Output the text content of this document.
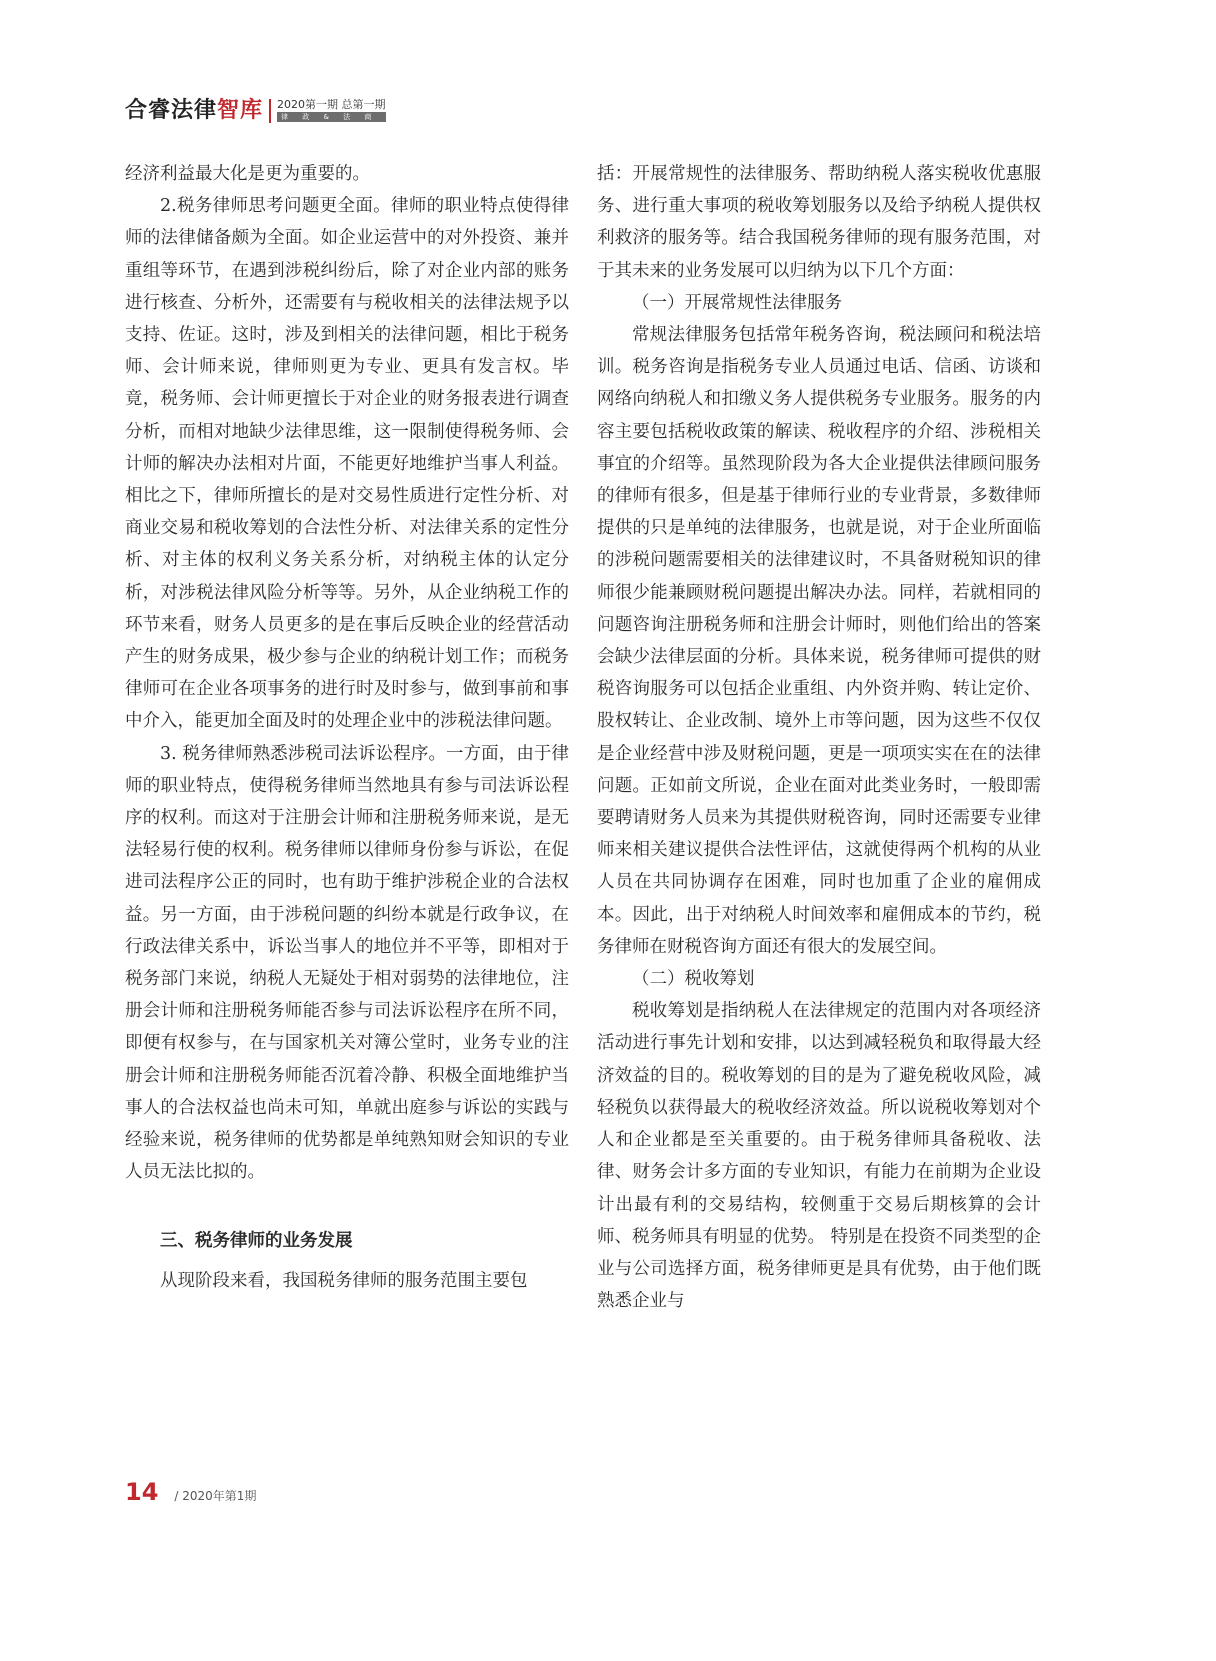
合睿法律智库 2020第一期 总第一期
律 政 & 法 商

经济利益最大化是更为重要的。

2.税务律师思考问题更全面。律师的职业特点使得律师的法律储备颇为全面。如企业运营中的对外投资、兼并重组等环节，在遇到涉税纠纷后，除了对企业内部的账务进行核查、分析外，还需要有与税收相关的法律法规予以支持、佐证。这时，涉及到相关的法律问题，相比于税务师、会计师来说，律师则更为专业、更具有发言权。毕竟，税务师、会计师更擅长于对企业的财务报表进行调查分析，而相对地缺少法律思维，这一限制使得税务师、会计师的解决办法相对片面，不能更好地维护当事人利益。相比之下，律师所擅长的是对交易性质进行定性分析、对商业交易和税收筹划的合法性分析、对法律关系的定性分析、对主体的权利义务关系分析，对纳税主体的认定分析，对涉税法律风险分析等等。另外，从企业纳税工作的环节来看，财务人员更多的是在事后反映企业的经营活动产生的财务成果，极少参与企业的纳税计划工作；而税务律师可在企业各项事务的进行时及时参与，做到事前和事中介入，能更加全面及时的处理企业中的涉税法律问题。

3. 税务律师熟悉涉税司法诉讼程序。一方面，由于律师的职业特点，使得税务律师当然地具有参与司法诉讼程序的权利。而这对于注册会计师和注册税务师来说，是无法轻易行使的权利。税务律师以律师身份参与诉讼，在促进司法程序公正的同时，也有助于维护涉税企业的合法权益。另一方面，由于涉税问题的纠纷本就是行政争议，在行政法律关系中，诉讼当事人的地位并不平等，即相对于税务部门来说，纳税人无疑处于相对弱势的法律地位，注册会计师和注册税务师能否参与司法诉讼程序在所不同，即便有权参与，在与国家机关对簿公堂时，业务专业的注册会计师和注册税务师能否沉着冷静、积极全面地维护当事人的合法权益也尚未可知，单就出庭参与诉讼的实践与经验来说，税务律师的优势都是单纯熟知财会知识的专业人员无法比拟的。

三、税务律师的业务发展

从现阶段来看，我国税务律师的服务范围主要包

括：开展常规性的法律服务、帮助纳税人落实税收优惠服务、进行重大事项的税收筹划服务以及给予纳税人提供权利救济的服务等。结合我国税务律师的现有服务范围，对于其未来的业务发展可以归纳为以下几个方面：

（一）开展常规性法律服务

常规法律服务包括常年税务咨询，税法顾问和税法培训。税务咨询是指税务专业人员通过电话、信函、访谈和网络向纳税人和扣缴义务人提供税务专业服务。服务的内容主要包括税收政策的解读、税收程序的介绍、涉税相关事宜的介绍等。虽然现阶段为各大企业提供法律顾问服务的律师有很多，但是基于律师行业的专业背景，多数律师提供的只是单纯的法律服务，也就是说，对于企业所面临的涉税问题需要相关的法律建议时，不具备财税知识的律师很少能兼顾财税问题提出解决办法。同样，若就相同的问题咨询注册税务师和注册会计师时，则他们给出的答案会缺少法律层面的分析。具体来说，税务律师可提供的财税咨询服务可以包括企业重组、内外资并购、转让定价、股权转让、企业改制、境外上市等问题，因为这些不仅仅是企业经营中涉及财税问题，更是一项项实实在在的法律问题。正如前文所说，企业在面对此类业务时，一般即需要聘请财务人员来为其提供财税咨询，同时还需要专业律师来相关建议提供合法性评估，这就使得两个机构的从业人员在共同协调存在困难，同时也加重了企业的雇佣成本。因此，出于对纳税人时间效率和雇佣成本的节约，税务律师在财税咨询方面还有很大的发展空间。

（二）税收筹划

税收筹划是指纳税人在法律规定的范围内对各项经济活动进行事先计划和安排，以达到减轻税负和取得最大经济效益的目的。税收筹划的目的是为了避免税收风险，减轻税负以获得最大的税收经济效益。所以说税收筹划对个人和企业都是至关重要的。由于税务律师具备税收、法律、财务会计多方面的专业知识，有能力在前期为企业设计出最有利的交易结构，较侧重于交易后期核算的会计师、税务师具有明显的优势。 特别是在投资不同类型的企业与公司选择方面，税务律师更是具有优势，由于他们既熟悉企业与

14 / 2020年第1期
